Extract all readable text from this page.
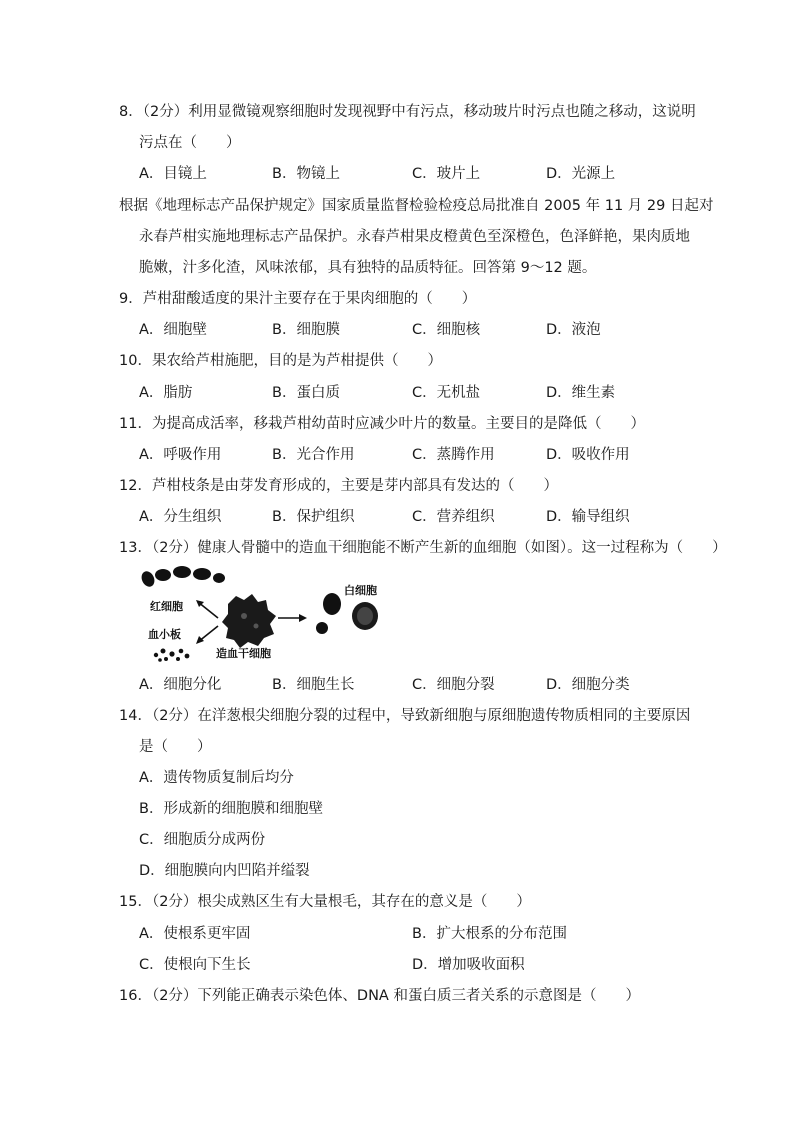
8．（2分）利用显微镜观察细胞时发现视野中有污点，移动玻片时污点也随之移动，这说明
污点在（　　）
A．目镜上	B．物镜上	C．玻片上	D．光源上
根据《地理标志产品保护规定》国家质量监督检验检疫总局批准自 2005 年 11 月 29 日起对
永春芦柑实施地理标志产品保护。永春芦柑果皮橙黄色至深橙色，色泽鲜艳，果肉质地
脆嫩，汁多化渣，风味浓郁，具有独特的品质特征。回答第 9～12 题。
9．芦柑甜酸适度的果汁主要存在于果肉细胞的（　　）
A．细胞壁	B．细胞膜	C．细胞核	D．液泡
10．果农给芦柑施肥，目的是为芦柑提供（　　）
A．脂肪	B．蛋白质	C．无机盐	D．维生素
11．为提高成活率，移栽芦柑幼苗时应减少叶片的数量。主要目的是降低（　　）
A．呼吸作用	B．光合作用	C．蒸腾作用	D．吸收作用
12．芦柑枝条是由芽发育形成的，主要是芽内部具有发达的（　　）
A．分生组织	B．保护组织	C．营养组织	D．输导组织
13．（2分）健康人骨髓中的造血干细胞能不断产生新的血细胞（如图）。这一过程称为（　　）
红细胞
血小板
造血干细胞
白细胞
A．细胞分化	B．细胞生长	C．细胞分裂	D．细胞分类
14．（2分）在洋葱根尖细胞分裂的过程中，导致新细胞与原细胞遗传物质相同的主要原因
是（　　）
A．遗传物质复制后均分
B．形成新的细胞膜和细胞壁
C．细胞质分成两份
D．细胞膜向内凹陷并缢裂
15．（2分）根尖成熟区生有大量根毛，其存在的意义是（　　）
A．使根系更牢固	B．扩大根系的分布范围
C．使根向下生长	D．增加吸收面积
16．（2分）下列能正确表示染色体、DNA 和蛋白质三者关系的示意图是（　　）
